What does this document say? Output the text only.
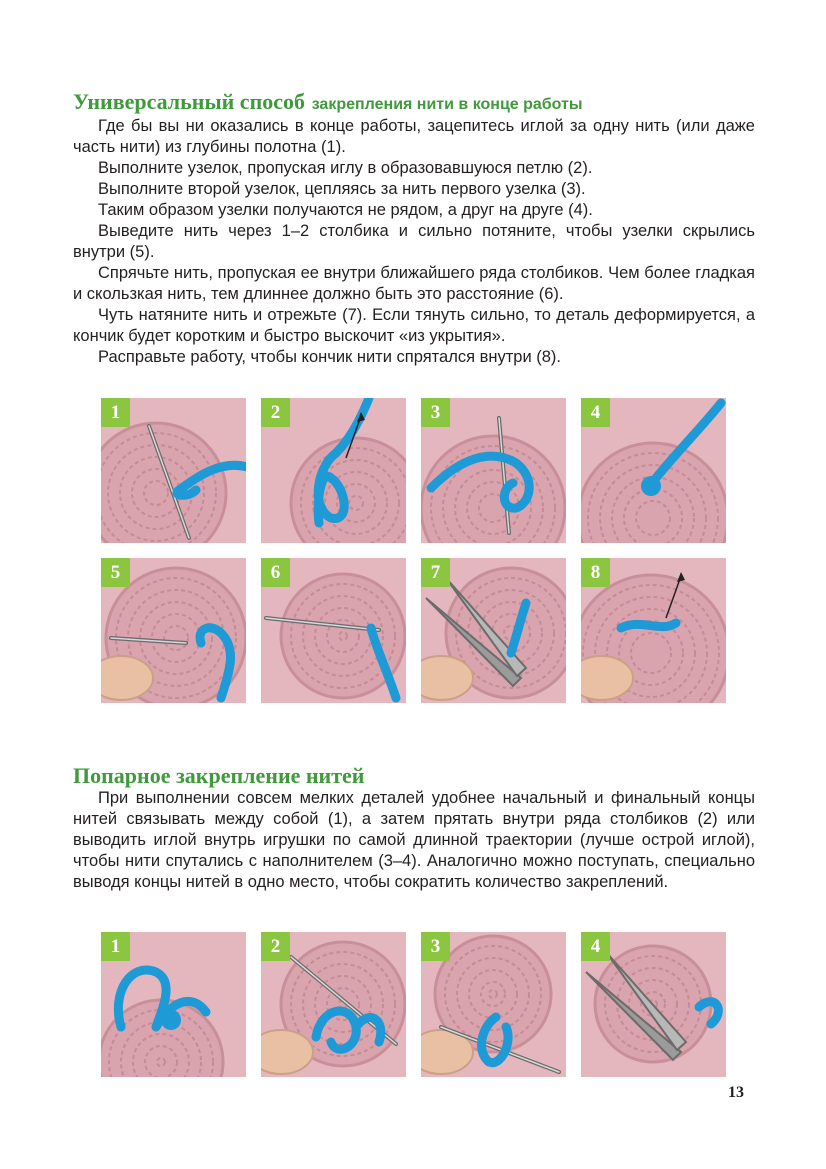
Универсальный способ закрепления нити в конце работы

Где бы вы ни оказались в конце работы, зацепитесь иглой за одну нить (или даже часть нити) из глубины полотна (1).

Выполните узелок, пропуская иглу в образовавшуюся петлю (2).

Выполните второй узелок, цепляясь за нить первого узелка (3).

Таким образом узелки получаются не рядом, а друг на друге (4).

Выведите нить через 1–2 столбика и сильно потяните, чтобы узелки скрылись внутри (5).

Спрячьте нить, пропуская ее внутри ближайшего ряда столбиков. Чем более гладкая и скользкая нить, тем длиннее должно быть это расстояние (6).

Чуть натяните нить и отрежьте (7). Если тянуть сильно, то деталь деформируется, а кончик будет коротким и быстро выскочит «из укрытия».

Расправьте работу, чтобы кончик нити спрятался внутри (8).

1	2	3	4
5	6	7	8
Попарное закрепление нитей

При выполнении совсем мелких деталей удобнее начальный и финальный концы нитей связывать между собой (1), а затем прятать внутри ряда столбиков (2) или выводить иглой внутрь игрушки по самой длинной траектории (лучше острой иглой), чтобы нити спутались с наполнителем (3–4). Аналогично можно поступать, специально выводя концы нитей в одно место, чтобы сократить количество закреплений.

1	2	3	4

13
